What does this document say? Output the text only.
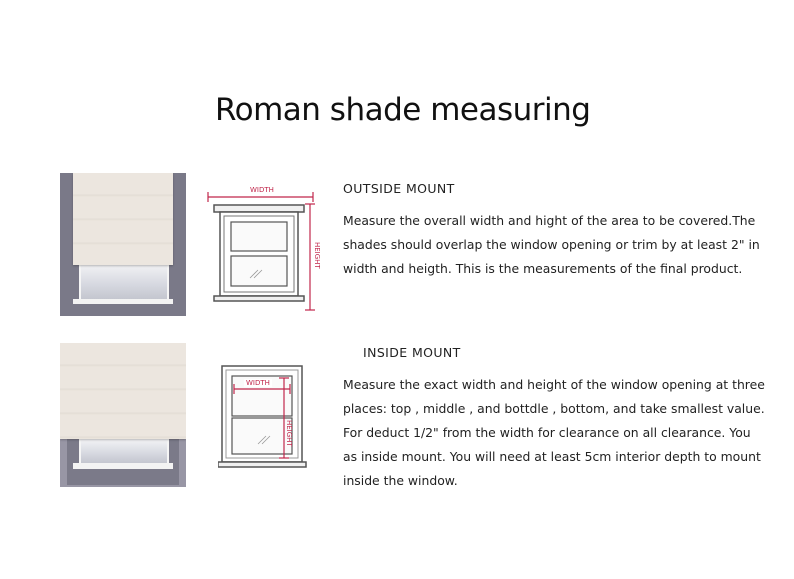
Roman shade measuring
WIDTH
HEIGHT
OUTSIDE MOUNT
Measure the overall width and hight of the area to be covered.The
shades should overlap the window opening or trim by at least 2" in
width and heigth. This is the measurements of the final product.
WIDTH
HEIGHT
INSIDE MOUNT
Measure the exact width and height of the window opening at three
places: top , middle , and bottdle , bottom, and take smallest value.
For deduct 1/2" from the width for clearance on all clearance. You
as inside mount. You will need at least 5cm interior depth to mount
inside the window.
